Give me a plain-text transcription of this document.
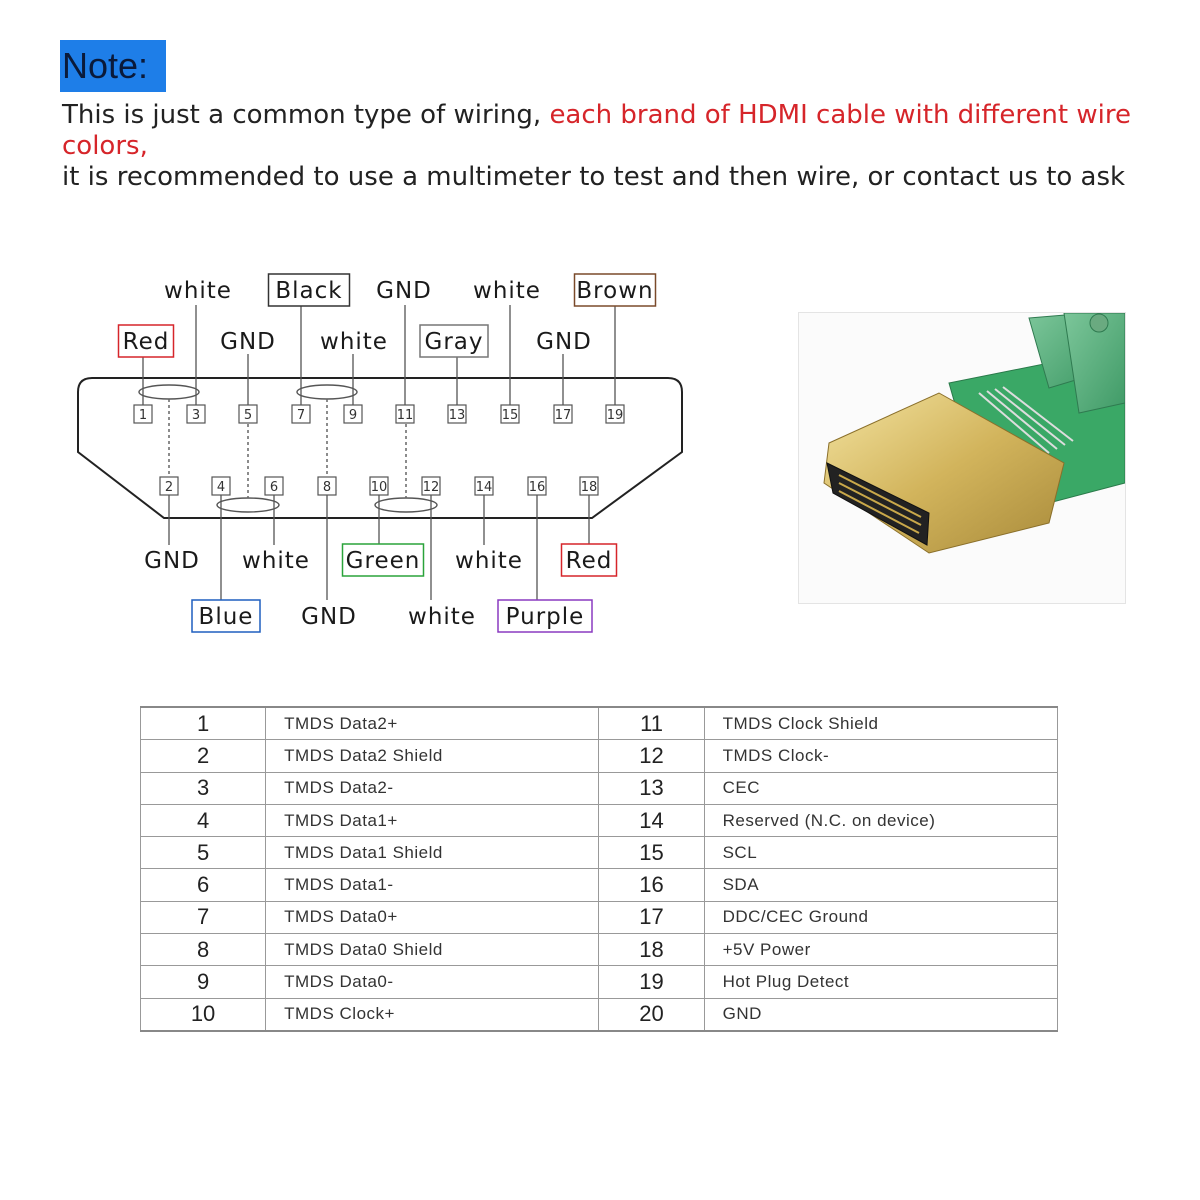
Note:
This is just a common type of wiring, each brand of HDMI cable with different wire colors,
it is recommended to use a multimeter to test and then wire, or contact us to ask
1	3	5	7	9	11	13	15	17	19
2	4	6	8	10	12	14	16	18
white Black GND white Brown
Red GND white Gray GND
GND white Green white Red
Blue GND white Purple
1	TMDS Data2+	11	TMDS Clock Shield
2	TMDS Data2 Shield	12	TMDS Clock-
3	TMDS Data2-	13	CEC
4	TMDS Data1+	14	Reserved (N.C. on device)
5	TMDS Data1 Shield	15	SCL
6	TMDS Data1-	16	SDA
7	TMDS Data0+	17	DDC/CEC Ground
8	TMDS Data0 Shield	18	+5V Power
9	TMDS Data0-	19	Hot Plug Detect
10	TMDS Clock+	20	GND
